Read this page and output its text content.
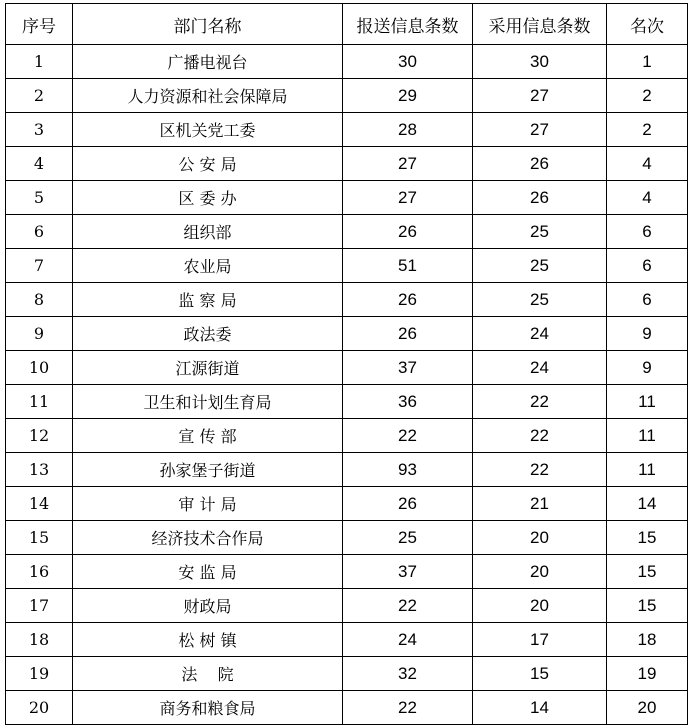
序号	部门名称	报送信息条数	采用信息条数	名次
1	广播电视台	30	30	1
2	人力资源和社会保障局	29	27	2
3	区机关党工委	28	27	2
4	公 安 局	27	26	4
5	区 委 办	27	26	4
6	组织部	26	25	6
7	农业局	51	25	6
8	监 察 局	26	25	6
9	政法委	26	24	9
10	江源街道	37	24	9
11	卫生和计划生育局	36	22	11
12	宣 传 部	22	22	11
13	孙家堡子街道	93	22	11
14	审 计 局	26	21	14
15	经济技术合作局	25	20	15
16	安 监 局	37	20	15
17	财政局	22	20	15
18	松 树 镇	24	17	18
19	法    院	32	15	19
20	商务和粮食局	22	14	20
